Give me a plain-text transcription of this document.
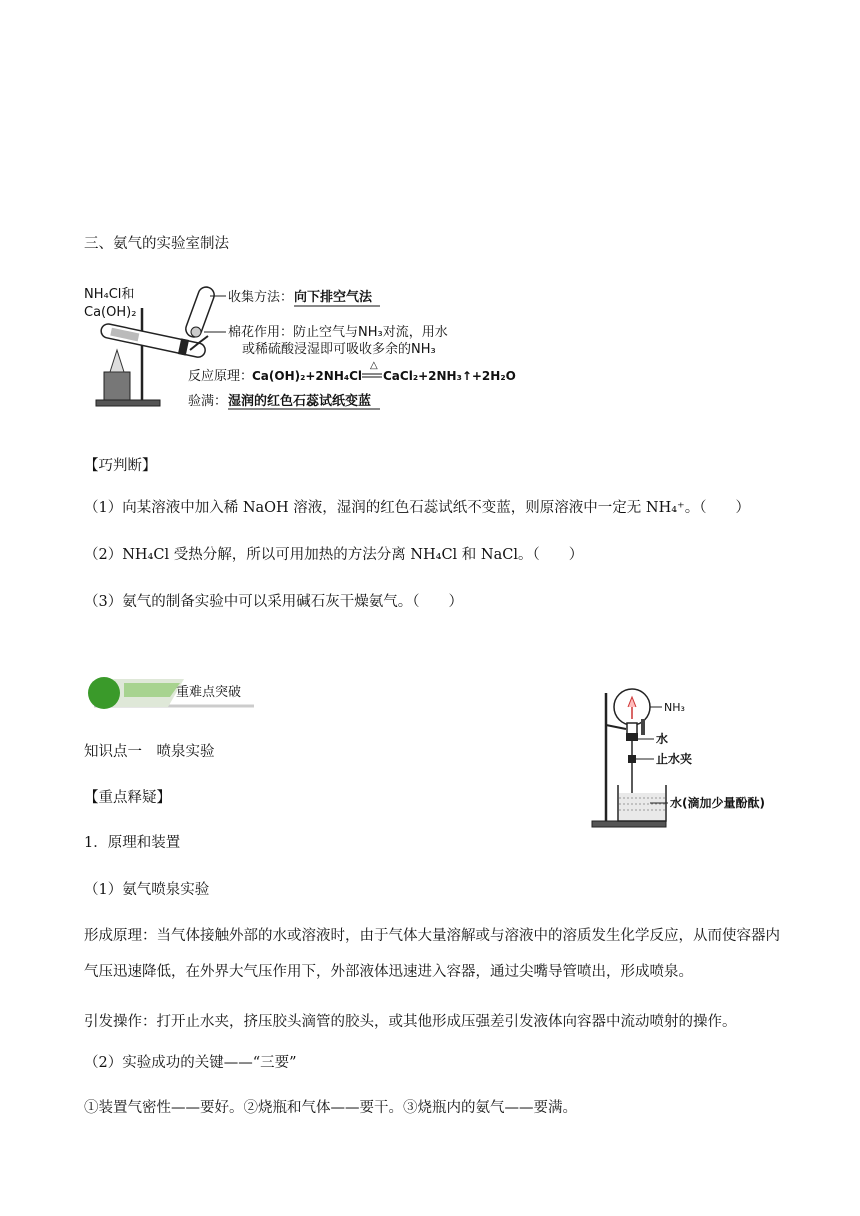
三、氨气的实验室制法
NH₄Cl和
Ca(OH)₂
收集方法： 向下排空气法
棉花作用：防止空气与NH₃对流，用水
或稀硫酸浸湿即可吸收多余的NH₃
反应原理：
Ca(OH)₂+2NH₄Cl
△
CaCl₂+2NH₃↑+2H₂O
验满： 湿润的红色石蕊试纸变蓝
【巧判断】
（1）向某溶液中加入稀 NaOH 溶液，湿润的红色石蕊试纸不变蓝，则原溶液中一定无 NH₄⁺。（　　）
（2）NH₄Cl 受热分解，所以可用加热的方法分离 NH₄Cl 和 NaCl。（　　）
（3）氨气的制备实验中可以采用碱石灰干燥氨气。（　　）
重难点突破
知识点一　喷泉实验
【重点释疑】
1．原理和装置
（1）氨气喷泉实验
形成原理：当气体接触外部的水或溶液时，由于气体大量溶解或与溶液中的溶质发生化学反应，从而使容器内气压迅速降低，在外界大气压作用下，外部液体迅速进入容器，通过尖嘴导管喷出，形成喷泉。
引发操作：打开止水夹，挤压胶头滴管的胶头，或其他形成压强差引发液体向容器中流动喷射的操作。
（2）实验成功的关键——“三要”
①装置气密性——要好。②烧瓶和气体——要干。③烧瓶内的氨气——要满。
NH₃
水
止水夹
水(滴加少量酚酞)
